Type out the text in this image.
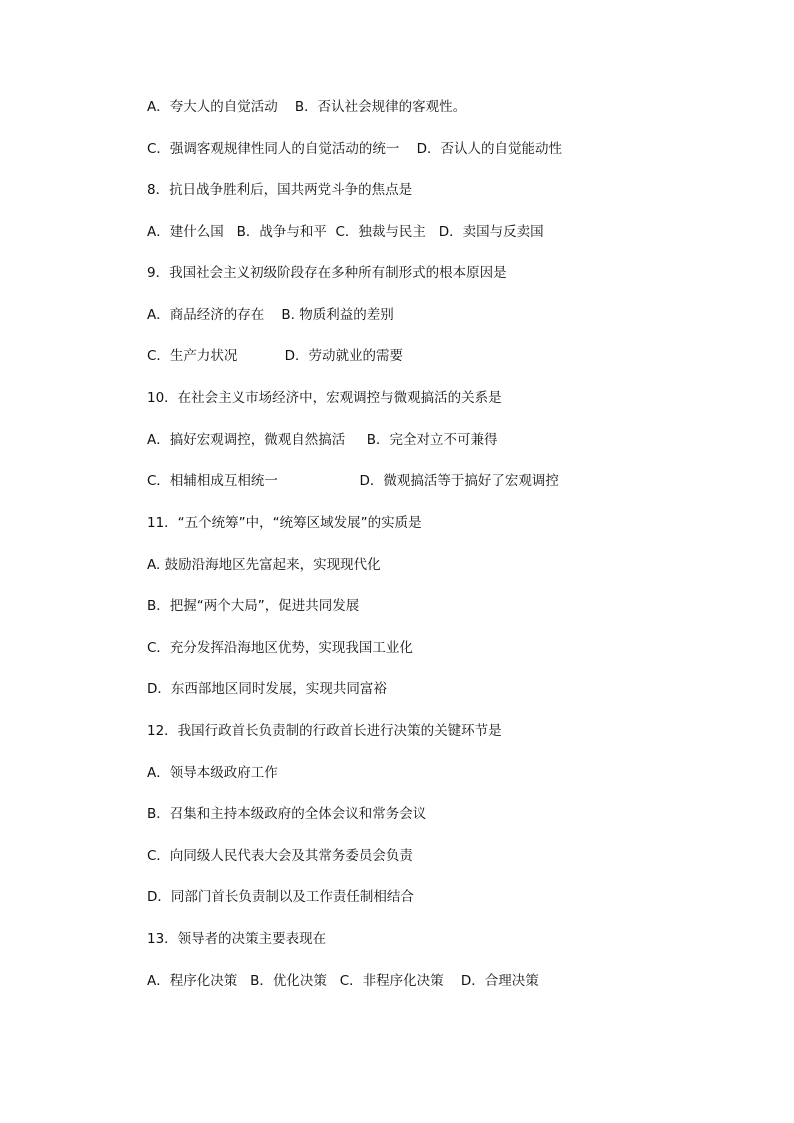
A．夸大人的自觉活动    B．否认社会规律的客观性。
C．强调客观规律性同人的自觉活动的统一    D．否认人的自觉能动性
8．抗日战争胜利后，国共两党斗争的焦点是
A．建什么国   B．战争与和平  C．独裁与民主   D．卖国与反卖国
9．我国社会主义初级阶段存在多种所有制形式的根本原因是
A．商品经济的存在    B. 物质利益的差别
C．生产力状况           D．劳动就业的需要
10．在社会主义市场经济中，宏观调控与微观搞活的关系是
A．搞好宏观调控，微观自然搞活     B．完全对立不可兼得
C．相辅相成互相统一                   D．微观搞活等于搞好了宏观调控
11．“五个统筹”中，“统筹区域发展”的实质是
A. 鼓励沿海地区先富起来，实现现代化
B．把握“两个大局”，促进共同发展
C．充分发挥沿海地区优势，实现我国工业化
D．东西部地区同时发展，实现共同富裕
12．我国行政首长负责制的行政首长进行决策的关键环节是
A．领导本级政府工作
B．召集和主持本级政府的全体会议和常务会议
C．向同级人民代表大会及其常务委员会负责
D．同部门首长负责制以及工作责任制相结合
13．领导者的决策主要表现在
A．程序化决策   B．优化决策   C．非程序化决策    D．合理决策
